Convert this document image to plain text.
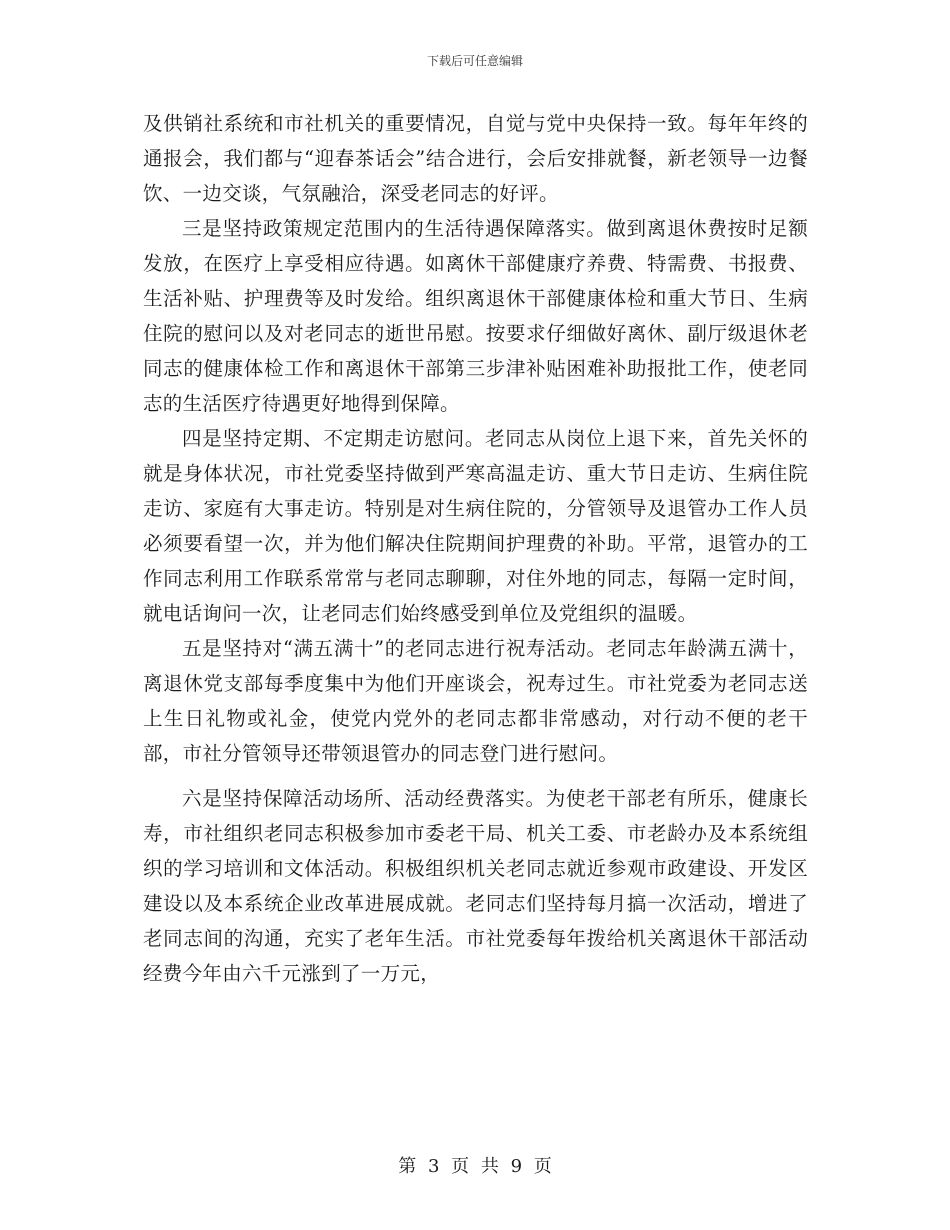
下载后可任意编辑

及供销社系统和市社机关的重要情况，自觉与党中央保持一致。每年年终的通报会，我们都与“迎春茶话会”结合进行，会后安排就餐，新老领导一边餐饮、一边交谈，气氛融洽，深受老同志的好评。

三是坚持政策规定范围内的生活待遇保障落实。做到离退休费按时足额发放，在医疗上享受相应待遇。如离休干部健康疗养费、特需费、书报费、生活补贴、护理费等及时发给。组织离退休干部健康体检和重大节日、生病住院的慰问以及对老同志的逝世吊慰。按要求仔细做好离休、副厅级退休老同志的健康体检工作和离退休干部第三步津补贴困难补助报批工作，使老同志的生活医疗待遇更好地得到保障。

四是坚持定期、不定期走访慰问。老同志从岗位上退下来，首先关怀的就是身体状况，市社党委坚持做到严寒高温走访、重大节日走访、生病住院走访、家庭有大事走访。特别是对生病住院的，分管领导及退管办工作人员必须要看望一次，并为他们解决住院期间护理费的补助。平常，退管办的工作同志利用工作联系常常与老同志聊聊，对住外地的同志，每隔一定时间，就电话询问一次，让老同志们始终感受到单位及党组织的温暖。

五是坚持对“满五满十”的老同志进行祝寿活动。老同志年龄满五满十，离退休党支部每季度集中为他们开座谈会，祝寿过生。市社党委为老同志送上生日礼物或礼金，使党内党外的老同志都非常感动，对行动不便的老干部，市社分管领导还带领退管办的同志登门进行慰问。

六是坚持保障活动场所、活动经费落实。为使老干部老有所乐，健康长寿，市社组织老同志积极参加市委老干局、机关工委、市老龄办及本系统组织的学习培训和文体活动。积极组织机关老同志就近参观市政建设、开发区建设以及本系统企业改革进展成就。老同志们坚持每月搞一次活动，增进了老同志间的沟通，充实了老年生活。市社党委每年拨给机关离退休干部活动经费今年由六千元涨到了一万元，

第 3 页 共 9 页
